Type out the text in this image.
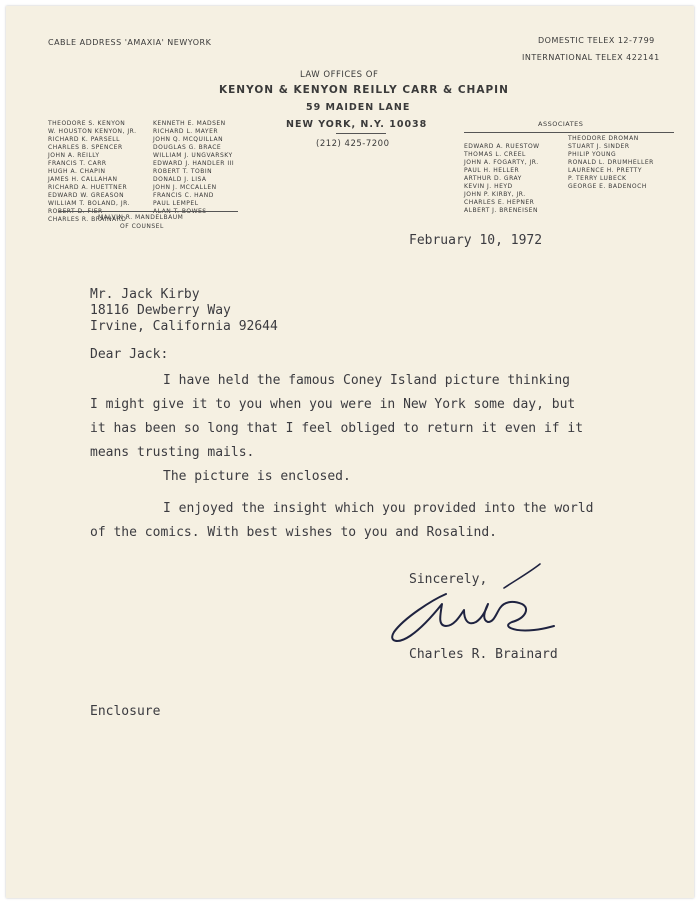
CABLE ADDRESS 'AMAXIA' NEWYORK	DOMESTIC TELEX 12-7799
INTERNATIONAL TELEX 422141
LAW OFFICES OF
KENYON & KENYON REILLY CARR & CHAPIN
59 MAIDEN LANE
NEW YORK, N.Y. 10038
(212) 425-7200
THEODORE S. KENYON
W. HOUSTON KENYON, JR.
RICHARD K. PARSELL
CHARLES B. SPENCER
JOHN A. REILLY
FRANCIS T. CARR
HUGH A. CHAPIN
JAMES H. CALLAHAN
RICHARD A. HUETTNER
EDWARD W. GREASON
WILLIAM T. BOLAND, JR.
ROBERT D. FIER
CHARLES R. BRAINARD
KENNETH E. MADSEN
RICHARD L. MAYER
JOHN Q. MCQUILLAN
DOUGLAS G. BRACE
WILLIAM J. UNGVARSKY
EDWARD J. HANDLER III
ROBERT T. TOBIN
DONALD J. LISA
JOHN J. MCCALLEN
FRANCIS C. HAND
PAUL LEMPEL
ALAN T. BOWES
MALVIN R. MANDELBAUM
OF COUNSEL
ASSOCIATES
EDWARD A. RUESTOW
THOMAS L. CREEL
JOHN A. FOGARTY, JR.
PAUL H. HELLER
ARTHUR D. GRAY
KEVIN J. HEYD
JOHN P. KIRBY, JR.
CHARLES E. HEPNER
ALBERT J. BRENEISEN
THEODORE DROMAN
STUART J. SINDER
PHILIP YOUNG
RONALD L. DRUMHELLER
LAURENCE H. PRETTY
P. TERRY LUBECK
GEORGE E. BADENOCH
February 10, 1972
Mr. Jack Kirby
18116 Dewberry Way
Irvine, California 92644
Dear Jack:
I have held the famous Coney Island picture thinking
I might give it to you when you were in New York some day, but
it has been so long that I feel obliged to return it even if it
means trusting mails.
The picture is enclosed.
I enjoyed the insight which you provided into the world
of the comics. With best wishes to you and Rosalind.
Sincerely,
Charles R. Brainard
Enclosure
